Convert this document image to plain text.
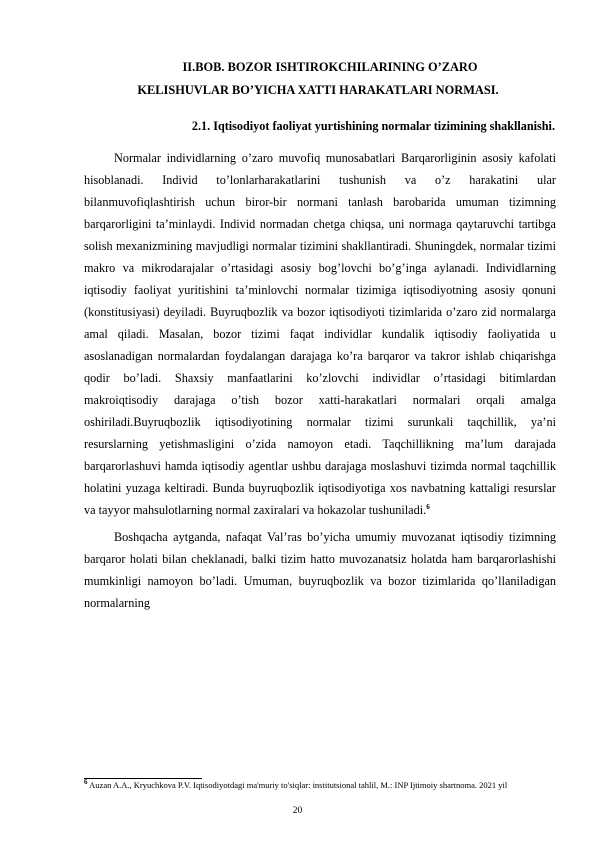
II.BOB. BOZOR ISHTIROKCHILARINING O’ZARO
KELISHUVLAR BO’YICHA XATTI HARAKATLARI NORMASI.
2.1. Iqtisodiyot faoliyat yurtishining normalar tizimining shakllanishi.

Normalar individlarning o’zaro muvofiq munosabatlari Barqarorliginin asosiy kafolati hisoblanadi. Individ to’lonlarharakatlarini tushunish va o’z harakatini ular bilanmuvofiqlashtirish uchun biror-bir normani tanlash barobarida umuman tizimning barqarorligini ta’minlaydi. Individ normadan chetga chiqsa, uni normaga qaytaruvchi tartibga solish mexanizmining mavjudligi normalar tizimini shakllantiradi. Shuningdek, normalar tizimi makro va mikrodarajalar o’rtasidagi asosiy bog’lovchi bo’g’inga aylanadi. Individlarning iqtisodiy faoliyat yuritishini ta’minlovchi normalar tizimiga iqtisodiyotning asosiy qonuni (konstitusiyasi) deyiladi. Buyruqbozlik va bozor iqtisodiyoti tizimlarida o’zaro zid normalarga amal qiladi. Masalan, bozor tizimi faqat individlar kundalik iqtisodiy faoliyatida u asoslanadigan normalardan foydalangan darajaga ko’ra barqaror va takror ishlab chiqarishga qodir bo’ladi. Shaxsiy manfaatlarini ko’zlovchi individlar o’rtasidagi bitimlardan makroiqtisodiy darajaga o’tish bozor xatti-harakatlari normalari orqali amalga oshiriladi.Buyruqbozlik iqtisodiyotining normalar tizimi surunkali taqchillik, ya’ni resurslarning yetishmasligini o’zida namoyon etadi. Taqchillikning ma’lum darajada barqarorlashuvi hamda iqtisodiy agentlar ushbu darajaga moslashuvi tizimda normal taqchillik holatini yuzaga keltiradi. Bunda buyruqbozlik iqtisodiyotiga xos navbatning kattaligi resurslar va tayyor mahsulotlarning normal zaxiralari va hokazolar tushuniladi.$^6$

Boshqacha aytganda, nafaqat Val’ras bo’yicha umumiy muvozanat iqtisodiy tizimning barqaror holati bilan cheklanadi, balki tizim hatto muvozanatsiz holatda ham barqarorlashishi mumkinligi namoyon bo’ladi. Umuman, buyruqbozlik va bozor tizimlarida qo’llaniladigan normalarning

$^6$ Auzan A.A., Kryuchkova P.V. Iqtisodiyotdagi ma'muriy to'siqlar: institutsional tahlil, M.: INP Ijtimoiy shartnoma. 2021 yil
20
